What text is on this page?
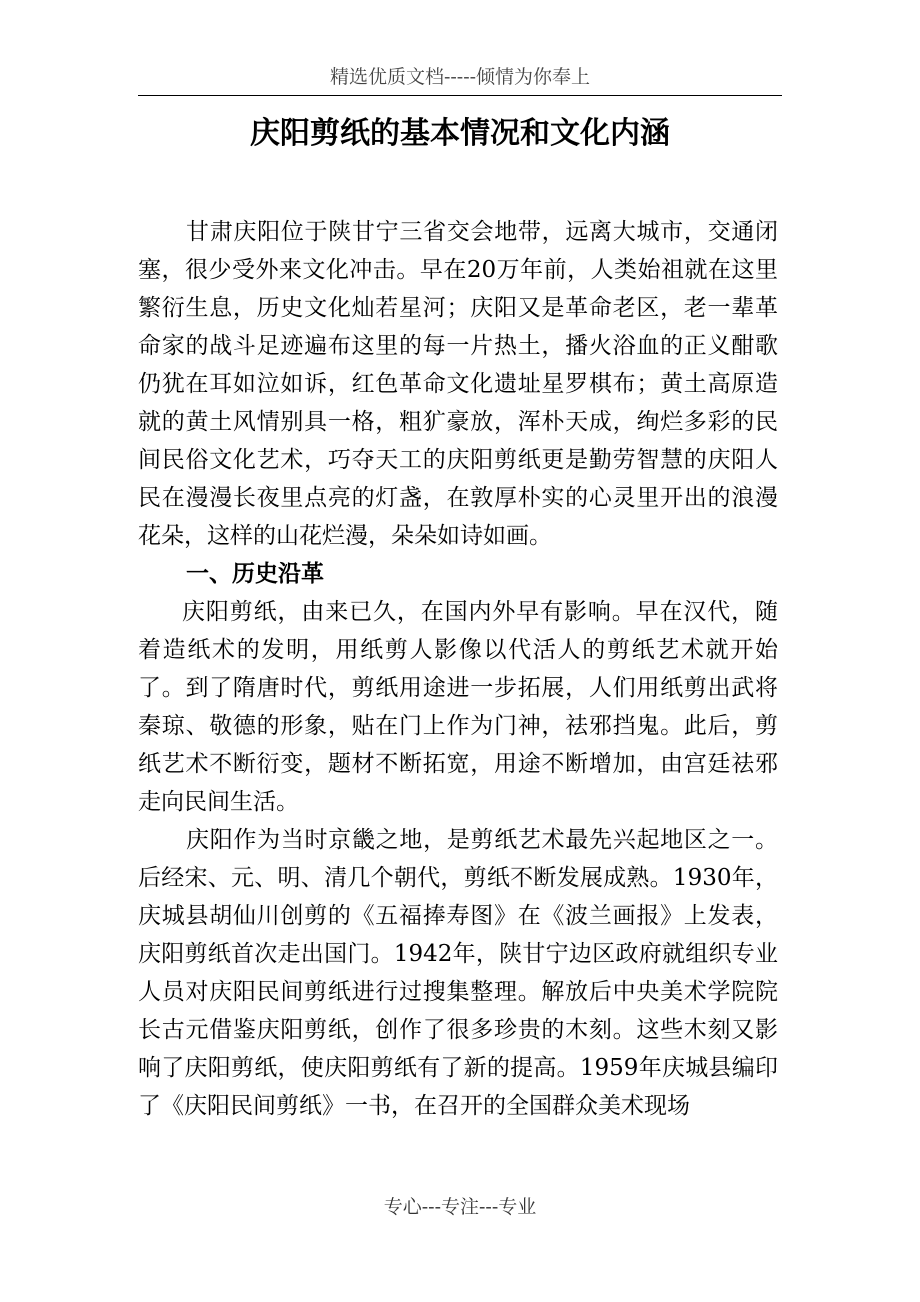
精选优质文档-----倾情为你奉上
庆阳剪纸的基本情况和文化内涵

甘肃庆阳位于陕甘宁三省交会地带，远离大城市，交通闭塞，很少受外来文化冲击。早在20万年前，人类始祖就在这里繁衍生息，历史文化灿若星河；庆阳又是革命老区，老一辈革命家的战斗足迹遍布这里的每一片热土，播火浴血的正义酣歌仍犹在耳如泣如诉，红色革命文化遗址星罗棋布；黄土高原造就的黄土风情别具一格，粗犷豪放，浑朴天成，绚烂多彩的民间民俗文化艺术，巧夺天工的庆阳剪纸更是勤劳智慧的庆阳人民在漫漫长夜里点亮的灯盏，在敦厚朴实的心灵里开出的浪漫花朵，这样的山花烂漫，朵朵如诗如画。

一、历史沿革

庆阳剪纸，由来已久，在国内外早有影响。早在汉代，随着造纸术的发明，用纸剪人影像以代活人的剪纸艺术就开始了。到了隋唐时代，剪纸用途进一步拓展，人们用纸剪出武将秦琼、敬德的形象，贴在门上作为门神，祛邪挡鬼。此后，剪纸艺术不断衍变，题材不断拓宽，用途不断增加，由宫廷祛邪走向民间生活。

庆阳作为当时京畿之地，是剪纸艺术最先兴起地区之一。后经宋、元、明、清几个朝代，剪纸不断发展成熟。1930年，庆城县胡仙川创剪的《五福捧寿图》在《波兰画报》上发表，庆阳剪纸首次走出国门。1942年，陕甘宁边区政府就组织专业人员对庆阳民间剪纸进行过搜集整理。解放后中央美术学院院长古元借鉴庆阳剪纸，创作了很多珍贵的木刻。这些木刻又影响了庆阳剪纸，使庆阳剪纸有了新的提高。1959年庆城县编印了《庆阳民间剪纸》一书，在召开的全国群众美术现场

专心---专注---专业
